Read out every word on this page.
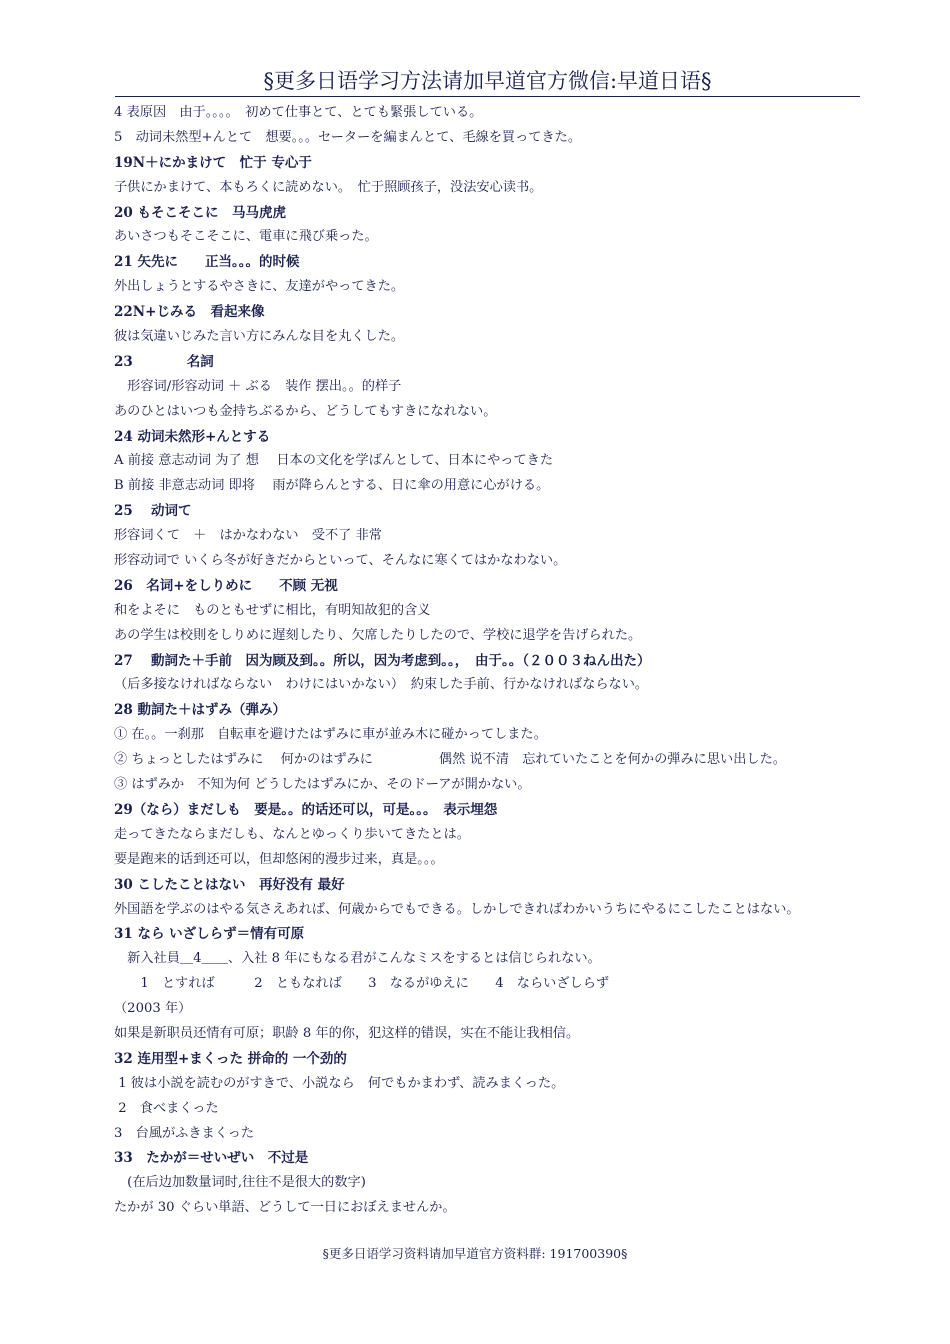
§更多日语学习方法请加早道官方微信:早道日语§
4 表原因　由于。。。。　初めて仕事とて、とても緊張している。
5　动词未然型+んとて　想要。。。セーターを編まんとて、毛線を買ってきた。
19N＋にかまけて　忙于 专心于
子供にかまけて、本もろくに読めない。　忙于照顾孩子，没法安心读书。
20 もそこそこに　马马虎虎
あいさつもそこそこに、電車に飛び乗った。
21 矢先に　　正当。。。的时候
外出しょうとするやさきに、友達がやってきた。
22N+じみる　看起来像
彼は気違いじみた言い方にみんな目を丸くした。
23　　　　名詞
　形容词/形容动词 ＋ ぶる　装作 摆出。。的样子
あのひとはいつも金持ちぶるから、どうしてもすきになれない。
24 动词未然形+んとする
A 前接 意志动词 为了 想　 日本の文化を学ばんとして、日本にやってきた
B 前接 非意志动词 即将　 雨が降らんとする、日に傘の用意に心がける。
25　 动词て
形容词くて　＋　はかなわない　受不了 非常
形容动词で いくら冬が好きだからといって、そんなに寒くてはかなわない。
26　名词+をしりめに　　不顾 无视
和をよそに　ものともせずに相比，有明知故犯的含义
あの学生は校則をしりめに遅刻したり、欠席したりしたので、学校に退学を告げられた。
27　 動詞た＋手前　因为顾及到。。所以，因为考虑到。。，　由于。。（２００３ねん出た）
（后多接なければならない　わけにはいかない）　約束した手前、行かなければならない。
28 動詞た＋はずみ（弾み）
① 在。。一刹那　自転車を避けたはずみに車が並み木に碰かってしまた。
② ちょっとしたはずみに　 何かのはずみに　　　　　偶然 说不清　忘れていたことを何かの弾みに思い出した。
③ はずみか　不知为何 どうしたはずみにか、そのドーアが開かない。
29（なら）まだしも　要是。。的话还可以，可是。。。　表示埋怨
走ってきたならまだしも、なんとゆっくり歩いてきたとは。
要是跑来的话到还可以，但却悠闲的漫步过来，真是。。。
30 こしたことはない　再好没有 最好
外国語を学ぶのはやる気さえあれば、何歳からでもできる。しかしできればわかいうちにやるにこしたことはない。
31 なら いざしらず＝情有可原
　新入社員＿4＿＿、入社 8 年にもなる君がこんなミスをするとは信じられない。
　　1　とすれば　　　2　ともなれば　　3　なるがゆえに　　4　ならいざしらず
（2003 年）
如果是新职员还情有可原；职龄 8 年的你，犯这样的错误，实在不能让我相信。
32 连用型+まくった 拼命的 一个劲的
1 彼は小説を読むのがすきで、小説なら　何でもかまわず、読みまくった。
2　食べまくった
3　台風がふきまくった
33　たかが＝せいぜい　不过是
　(在后边加数量词时,往往不是很大的数字)
たかが 30 ぐらい単語、どうして一日におぼえませんか。
§更多日语学习资料请加早道官方资料群: 191700390§
